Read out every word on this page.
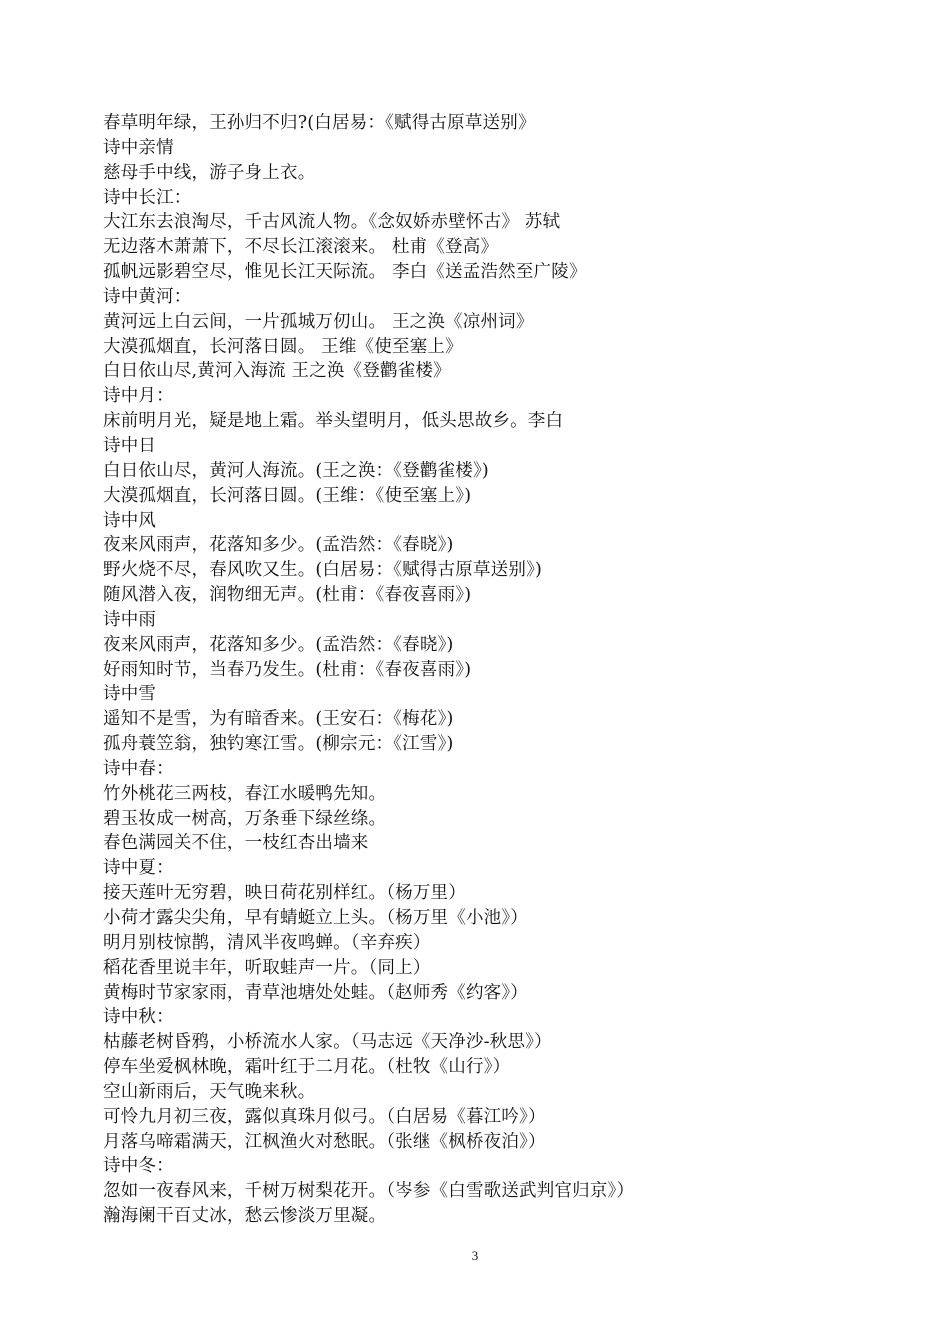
春草明年绿，王孙归不归?(白居易：《赋得古原草送别》
诗中亲情
慈母手中线，游子身上衣。
诗中长江：
大江东去浪淘尽，千古风流人物。《念奴娇赤壁怀古》 苏轼
无边落木萧萧下，不尽长江滚滚来。 杜甫《登高》
孤帆远影碧空尽，惟见长江天际流。 李白《送孟浩然至广陵》
诗中黄河：
黄河远上白云间，一片孤城万仞山。 王之涣《凉州词》
大漠孤烟直，长河落日圆。 王维《使至塞上》
白日依山尽,黄河入海流 王之涣《登鹳雀楼》
诗中月：
床前明月光，疑是地上霜。举头望明月，低头思故乡。李白
诗中日
白日依山尽，黄河人海流。(王之涣：《登鹳雀楼》)
大漠孤烟直，长河落日圆。(王维：《使至塞上》)
诗中风
夜来风雨声，花落知多少。(孟浩然：《春晓》)
野火烧不尽，春风吹又生。(白居易：《赋得古原草送别》)
随风潜入夜，润物细无声。(杜甫：《春夜喜雨》)
诗中雨
夜来风雨声，花落知多少。(孟浩然：《春晓》)
好雨知时节，当春乃发生。(杜甫：《春夜喜雨》)
诗中雪
遥知不是雪，为有暗香来。(王安石：《梅花》)
孤舟蓑笠翁，独钓寒江雪。(柳宗元：《江雪》)
诗中春：
竹外桃花三两枝，春江水暖鸭先知。
碧玉妆成一树高，万条垂下绿丝绦。
春色满园关不住，一枝红杏出墙来
诗中夏：
接天莲叶无穷碧，映日荷花别样红。（杨万里）
小荷才露尖尖角，早有蜻蜓立上头。（杨万里《小池》）
明月别枝惊鹊，清风半夜鸣蝉。（辛弃疾）
稻花香里说丰年，听取蛙声一片。（同上）
黄梅时节家家雨，青草池塘处处蛙。（赵师秀《约客》）
诗中秋：
枯藤老树昏鸦，小桥流水人家。（马志远《天净沙-秋思》）
停车坐爱枫林晚，霜叶红于二月花。（杜牧《山行》）
空山新雨后，天气晚来秋。
可怜九月初三夜，露似真珠月似弓。（白居易《暮江吟》）
月落乌啼霜满天，江枫渔火对愁眠。（张继《枫桥夜泊》）
诗中冬：
忽如一夜春风来，千树万树梨花开。（岑参《白雪歌送武判官归京》）
瀚海阑干百丈冰，愁云惨淡万里凝。
3
